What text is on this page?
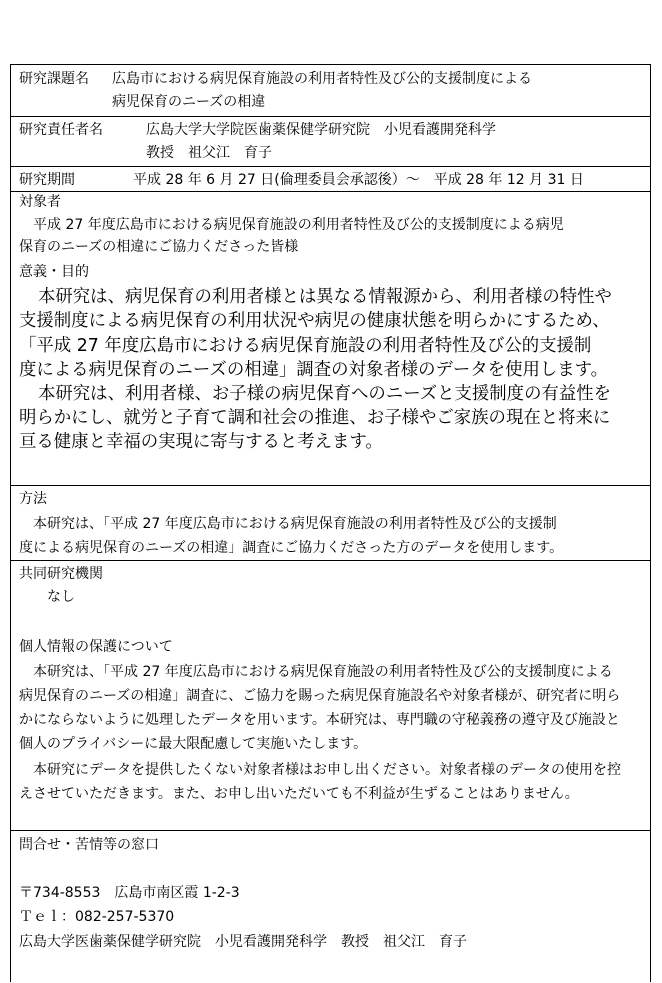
研究課題名 広島市における病児保育施設の利用者特性及び公的支援制度による
病児保育のニーズの相違
研究責任者名	広島大学大学院医歯薬保健学研究院　小児看護開発科学
教授　祖父江　育子
研究期間	平成 28 年 6 月 27 日(倫理委員会承認後）～　平成 28 年 12 月 31 日
対象者
平成 27 年度広島市における病児保育施設の利用者特性及び公的支援制度による病児
保育のニーズの相違にご協力くださった皆様
意義・目的
本研究は、病児保育の利用者様とは異なる情報源から、利用者様の特性や
支援制度による病児保育の利用状況や病児の健康状態を明らかにするため、
「平成 27 年度広島市における病児保育施設の利用者特性及び公的支援制
度による病児保育のニーズの相違」調査の対象者様のデータを使用します。
本研究は、利用者様、お子様の病児保育へのニーズと支援制度の有益性を
明らかにし、就労と子育て調和社会の推進、お子様やご家族の現在と将来に
亘る健康と幸福の実現に寄与すると考えます。
方法
本研究は、「平成 27 年度広島市における病児保育施設の利用者特性及び公的支援制
度による病児保育のニーズの相違」調査にご協力くださった方のデータを使用します。
共同研究機関
なし
個人情報の保護について
本研究は、「平成 27 年度広島市における病児保育施設の利用者特性及び公的支援制度による
病児保育のニーズの相違」調査に、ご協力を賜った病児保育施設名や対象者様が、研究者に明ら
かにならないように処理したデータを用います。本研究は、専門職の守秘義務の遵守及び施設と
個人のプライバシーに最大限配慮して実施いたします。
本研究にデータを提供したくない対象者様はお申し出ください。対象者様のデータの使用を控
えさせていただきます。また、お申し出いただいても不利益が生ずることはありません。
問合せ・苦情等の窓口
〒734-8553　広島市南区霞 1-2-3
Ｔｅｌ：082-257-5370
広島大学医歯薬保健学研究院　小児看護開発科学　教授　祖父江　育子
